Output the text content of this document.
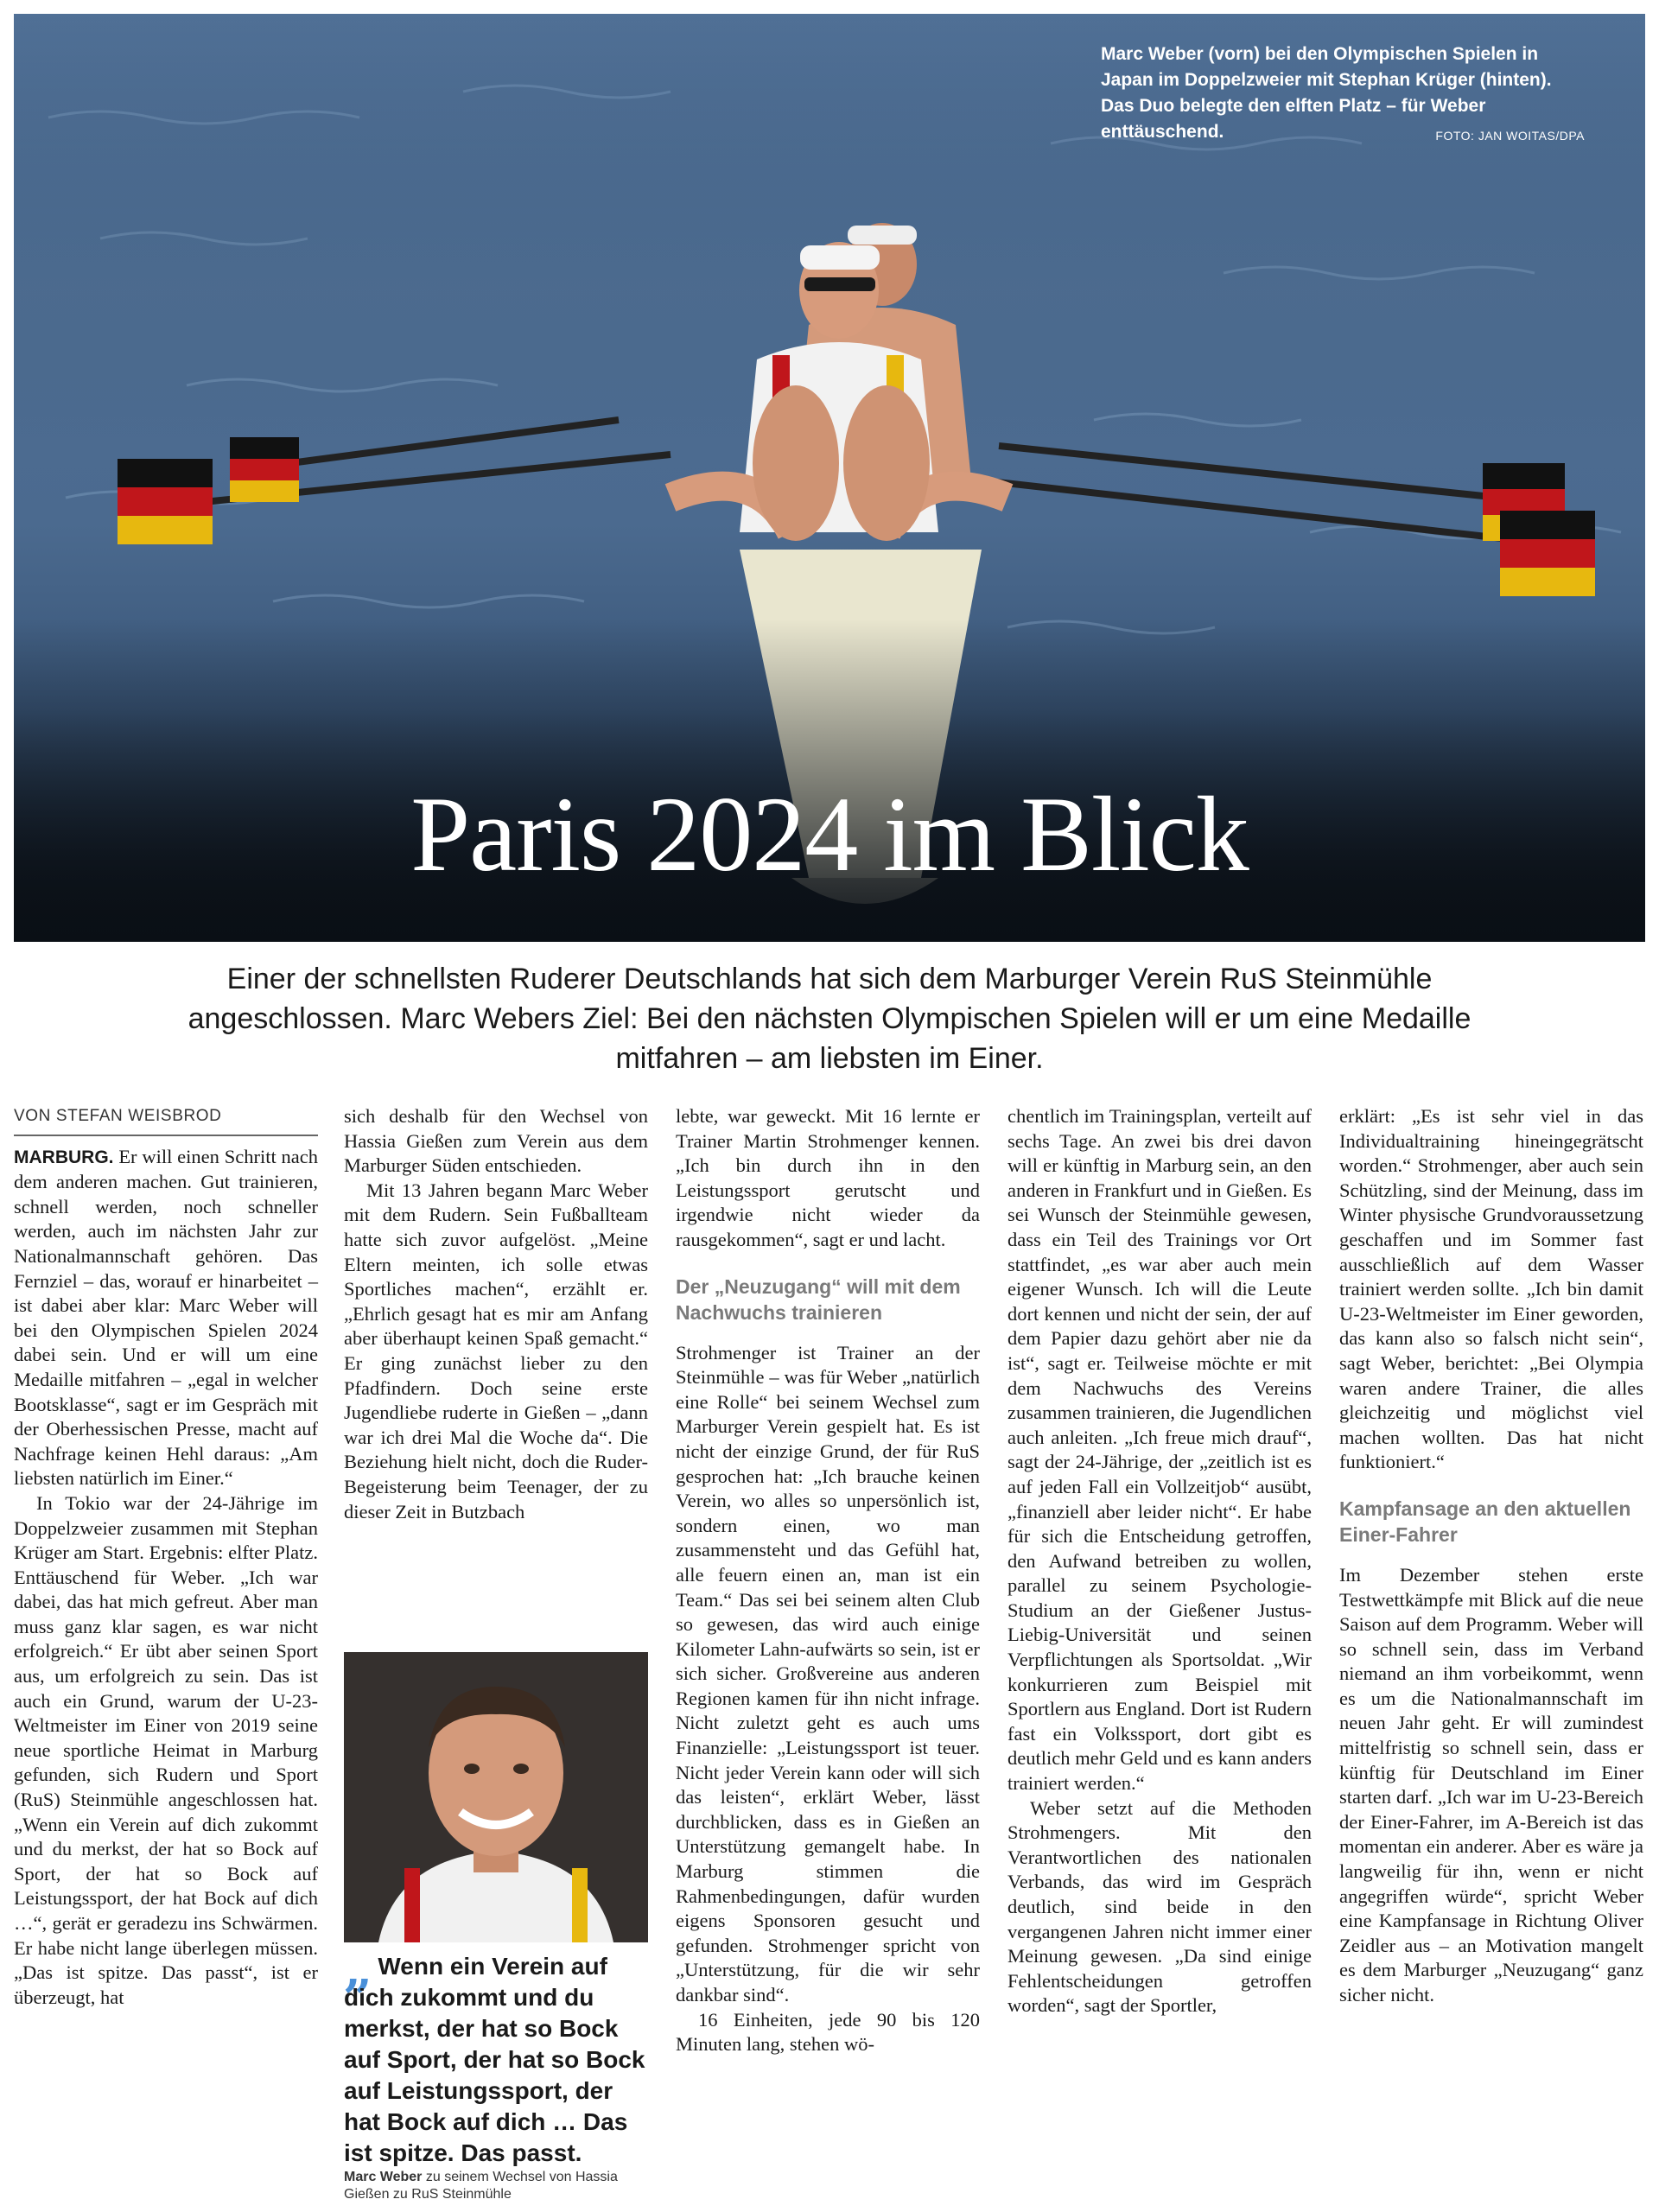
Marc Weber (vorn) bei den Olympischen Spielen in Japan im Doppelzweier mit Stephan Krüger (hinten). Das Duo belegte den elften Platz – für Weber enttäuschend.	FOTO: JAN WOITAS/DPA
Paris 2024 im Blick
Einer der schnellsten Ruderer Deutschlands hat sich dem Marburger Verein RuS Steinmühle angeschlossen. Marc Webers Ziel: Bei den nächsten Olympischen Spielen will er um eine Medaille mitfahren – am liebsten im Einer.
VON STEFAN WEISBROD

MARBURG. Er will einen Schritt nach dem anderen machen. Gut trainieren, schnell werden, noch schneller werden, auch im nächsten Jahr zur Nationalmannschaft gehören. Das Fernziel – das, worauf er hinarbeitet – ist dabei aber klar: Marc Weber will bei den Olympischen Spielen 2024 dabei sein. Und er will um eine Medaille mitfahren – „egal in welcher Bootsklasse“, sagt er im Gespräch mit der Oberhessischen Presse, macht auf Nachfrage keinen Hehl daraus: „Am liebsten natürlich im Einer.“

In Tokio war der 24-Jährige im Doppelzweier zusammen mit Stephan Krüger am Start. Ergebnis: elfter Platz. Enttäuschend für Weber. „Ich war dabei, das hat mich gefreut. Aber man muss ganz klar sagen, es war nicht erfolgreich.“ Er übt aber seinen Sport aus, um erfolgreich zu sein. Das ist auch ein Grund, warum der U-23-Weltmeister im Einer von 2019 seine neue sportliche Heimat in Marburg gefunden, sich Rudern und Sport (RuS) Steinmühle angeschlossen hat. „Wenn ein Verein auf dich zukommt und du merkst, der hat so Bock auf Sport, der hat so Bock auf Leistungssport, der hat Bock auf dich …“, gerät er geradezu ins Schwärmen. Er habe nicht lange überlegen müssen. „Das ist spitze. Das passt“, ist er überzeugt, hat

sich deshalb für den Wechsel von Hassia Gießen zum Verein aus dem Marburger Süden entschieden.

Mit 13 Jahren begann Marc Weber mit dem Rudern. Sein Fußballteam hatte sich zuvor aufgelöst. „Meine Eltern meinten, ich solle etwas Sportliches machen“, erzählt er. „Ehrlich gesagt hat es mir am Anfang aber überhaupt keinen Spaß gemacht.“ Er ging zunächst lieber zu den Pfadfindern. Doch seine erste Jugendliebe ruderte in Gießen – „dann war ich drei Mal die Woche da“. Die Beziehung hielt nicht, doch die Ruder-Begeisterung beim Teenager, der zu dieser Zeit in Butzbach

„ Wenn ein Verein auf dich zukommt und du merkst, der hat so Bock auf Sport, der hat so Bock auf Leistungssport, der hat Bock auf dich … Das ist spitze. Das passt.
Marc Weber zu seinem Wechsel von Hassia Gießen zu RuS Steinmühle

lebte, war geweckt. Mit 16 lernte er Trainer Martin Strohmenger kennen. „Ich bin durch ihn in den Leistungssport gerutscht und irgendwie nicht wieder da rausgekommen“, sagt er und lacht.

Der „Neuzugang“ will mit dem Nachwuchs trainieren

Strohmenger ist Trainer an der Steinmühle – was für Weber „natürlich eine Rolle“ bei seinem Wechsel zum Marburger Verein gespielt hat. Es ist nicht der einzige Grund, der für RuS gesprochen hat: „Ich brauche keinen Verein, wo alles so unpersönlich ist, sondern einen, wo man zusammensteht und das Gefühl hat, alle feuern einen an, man ist ein Team.“ Das sei bei seinem alten Club so gewesen, das wird auch einige Kilometer Lahn-aufwärts so sein, ist er sich sicher. Großvereine aus anderen Regionen kamen für ihn nicht infrage. Nicht zuletzt geht es auch ums Finanzielle: „Leistungssport ist teuer. Nicht jeder Verein kann oder will sich das leisten“, erklärt Weber, lässt durchblicken, dass es in Gießen an Unterstützung gemangelt habe. In Marburg stimmen die Rahmenbedingungen, dafür wurden eigens Sponsoren gesucht und gefunden. Strohmenger spricht von „Unterstützung, für die wir sehr dankbar sind“.

16 Einheiten, jede 90 bis 120 Minuten lang, stehen wö-

chentlich im Trainingsplan, verteilt auf sechs Tage. An zwei bis drei davon will er künftig in Marburg sein, an den anderen in Frankfurt und in Gießen. Es sei Wunsch der Steinmühle gewesen, dass ein Teil des Trainings vor Ort stattfindet, „es war aber auch mein eigener Wunsch. Ich will die Leute dort kennen und nicht der sein, der auf dem Papier dazu gehört aber nie da ist“, sagt er. Teilweise möchte er mit dem Nachwuchs des Vereins zusammen trainieren, die Jugendlichen auch anleiten. „Ich freue mich drauf“, sagt der 24-Jährige, der „zeitlich ist es auf jeden Fall ein Vollzeitjob“ ausübt, „finanziell aber leider nicht“. Er habe für sich die Entscheidung getroffen, den Aufwand betreiben zu wollen, parallel zu seinem Psychologie-Studium an der Gießener Justus-Liebig-Universität und seinen Verpflichtungen als Sportsoldat. „Wir konkurrieren zum Beispiel mit Sportlern aus England. Dort ist Rudern fast ein Volkssport, dort gibt es deutlich mehr Geld und es kann anders trainiert werden.“

Weber setzt auf die Methoden Strohmengers. Mit den Verantwortlichen des nationalen Verbands, das wird im Gespräch deutlich, sind beide in den vergangenen Jahren nicht immer einer Meinung gewesen. „Da sind einige Fehlentscheidungen getroffen worden“, sagt der Sportler,

erklärt: „Es ist sehr viel in das Individualtraining hineingegrätscht worden.“ Strohmenger, aber auch sein Schützling, sind der Meinung, dass im Winter physische Grundvoraussetzung geschaffen und im Sommer fast ausschließlich auf dem Wasser trainiert werden sollte. „Ich bin damit U-23-Weltmeister im Einer geworden, das kann also so falsch nicht sein“, sagt Weber, berichtet: „Bei Olympia waren andere Trainer, die alles gleichzeitig und möglichst viel machen wollten. Das hat nicht funktioniert.“

Kampfansage an den aktuellen Einer-Fahrer

Im Dezember stehen erste Testwettkämpfe mit Blick auf die neue Saison auf dem Programm. Weber will so schnell sein, dass im Verband niemand an ihm vorbeikommt, wenn es um die Nationalmannschaft im neuen Jahr geht. Er will zumindest mittelfristig so schnell sein, dass er künftig für Deutschland im Einer starten darf. „Ich war im U-23-Bereich der Einer-Fahrer, im A-Bereich ist das momentan ein anderer. Aber es wäre ja langweilig für ihn, wenn er nicht angegriffen würde“, spricht Weber eine Kampfansage in Richtung Oliver Zeidler aus – an Motivation mangelt es dem Marburger „Neuzugang“ ganz sicher nicht.
